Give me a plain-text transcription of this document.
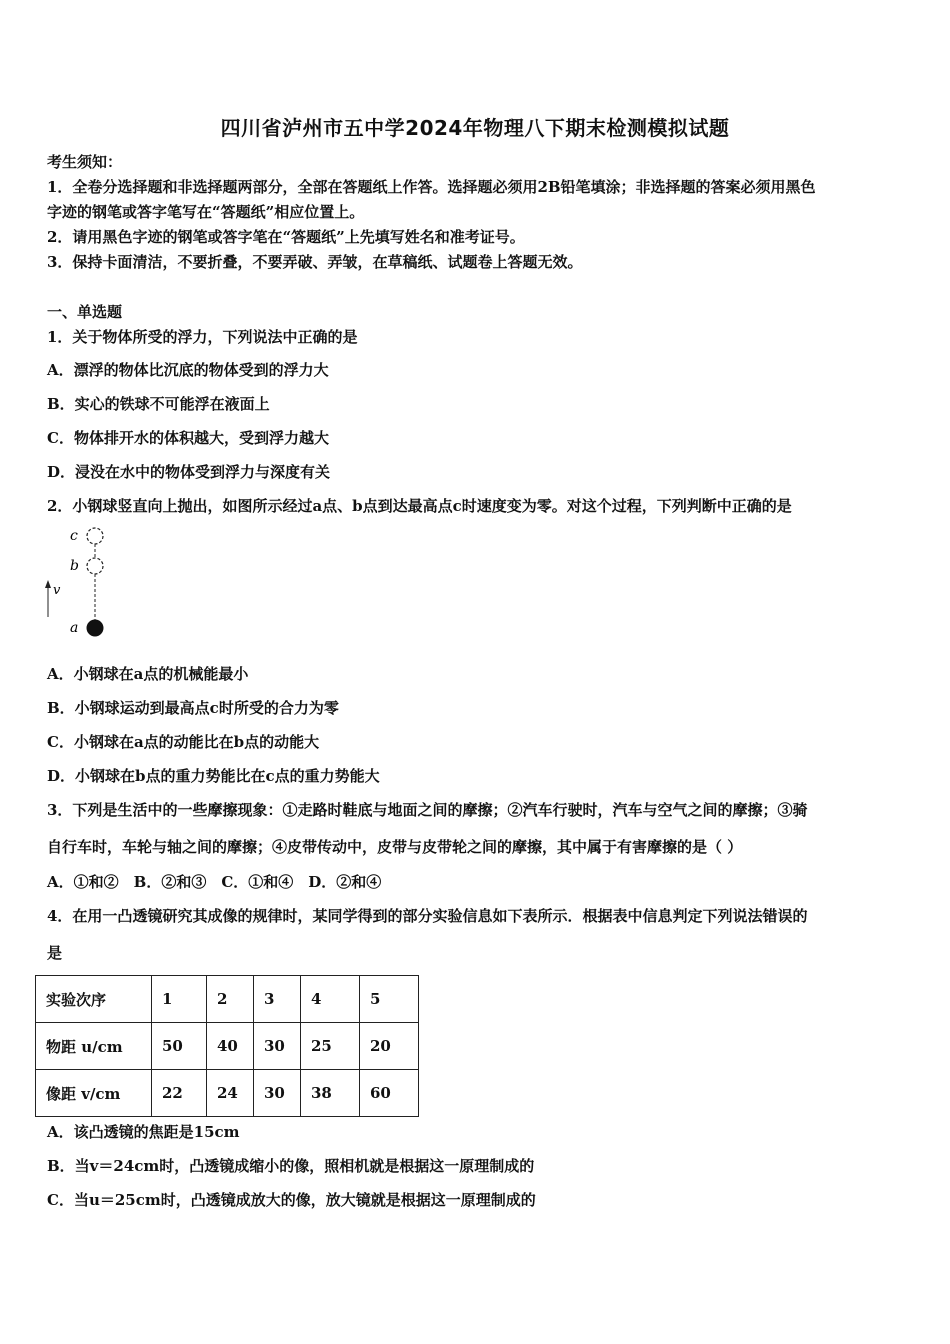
四川省泸州市五中学2024年物理八下期末检测模拟试题
考生须知：
1．全卷分选择题和非选择题两部分，全部在答题纸上作答。选择题必须用2B铅笔填涂；非选择题的答案必须用黑色
字迹的钢笔或答字笔写在“答题纸”相应位置上。
2．请用黑色字迹的钢笔或答字笔在“答题纸”上先填写姓名和准考证号。
3．保持卡面清洁，不要折叠，不要弄破、弄皱，在草稿纸、试题卷上答题无效。
一、单选题
1．关于物体所受的浮力，下列说法中正确的是
A．漂浮的物体比沉底的物体受到的浮力大
B．实心的铁球不可能浮在液面上
C．物体排开水的体积越大，受到浮力越大
D．浸没在水中的物体受到浮力与深度有关
2．小钢球竖直向上抛出，如图所示经过a点、b点到达最高点c时速度变为零。对这个过程，下列判断中正确的是
c
b
v
a
A．小钢球在a点的机械能最小
B．小钢球运动到最高点c时所受的合力为零
C．小钢球在a点的动能比在b点的动能大
D．小钢球在b点的重力势能比在c点的重力势能大
3．下列是生活中的一些摩擦现象：①走路时鞋底与地面之间的摩擦；②汽车行驶时，汽车与空气之间的摩擦；③骑
自行车时，车轮与轴之间的摩擦；④皮带传动中，皮带与皮带轮之间的摩擦，其中属于有害摩擦的是（ ）
A．①和②　B．②和③　C．①和④　D．②和④
4．在用一凸透镜研究其成像的规律时，某同学得到的部分实验信息如下表所示．根据表中信息判定下列说法错误的
是
实验次序	1	2	3	4	5
物距 u/cm	50	40	30	25	20
像距 v/cm	22	24	30	38	60
A．该凸透镜的焦距是15cm
B．当v＝24cm时，凸透镜成缩小的像，照相机就是根据这一原理制成的
C．当u＝25cm时，凸透镜成放大的像，放大镜就是根据这一原理制成的
